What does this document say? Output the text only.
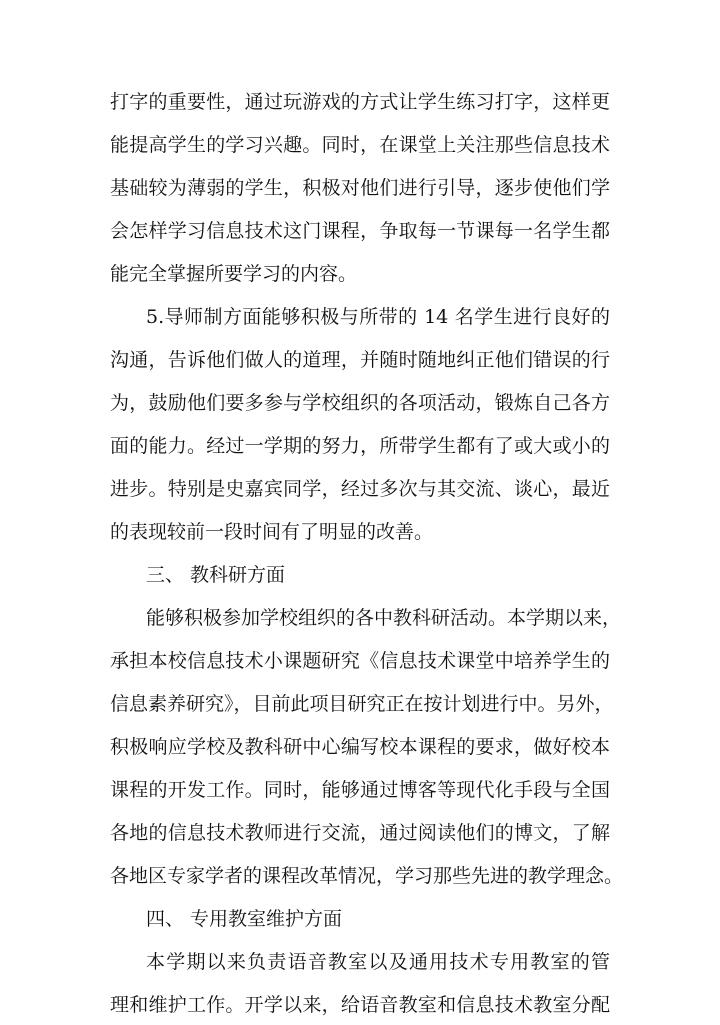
打字的重要性，通过玩游戏的方式让学生练习打字，这样更
能提高学生的学习兴趣。同时，在课堂上关注那些信息技术
基础较为薄弱的学生，积极对他们进行引导，逐步使他们学
会怎样学习信息技术这门课程，争取每一节课每一名学生都
能完全掌握所要学习的内容。
5.导师制方面能够积极与所带的 14 名学生进行良好的
沟通，告诉他们做人的道理，并随时随地纠正他们错误的行
为，鼓励他们要多参与学校组织的各项活动，锻炼自己各方
面的能力。经过一学期的努力，所带学生都有了或大或小的
进步。特别是史嘉宾同学，经过多次与其交流、谈心，最近
的表现较前一段时间有了明显的改善。
三、 教科研方面
能够积极参加学校组织的各中教科研活动。本学期以来，
承担本校信息技术小课题研究《信息技术课堂中培养学生的
信息素养研究》，目前此项目研究正在按计划进行中。另外，
积极响应学校及教科研中心编写校本课程的要求，做好校本
课程的开发工作。同时，能够通过博客等现代化手段与全国
各地的信息技术教师进行交流，通过阅读他们的博文，了解
各地区专家学者的课程改革情况，学习那些先进的教学理念。
四、 专用教室维护方面
本学期以来负责语音教室以及通用技术专用教室的管
理和维护工作。开学以来，给语音教室和信息技术教室分配
